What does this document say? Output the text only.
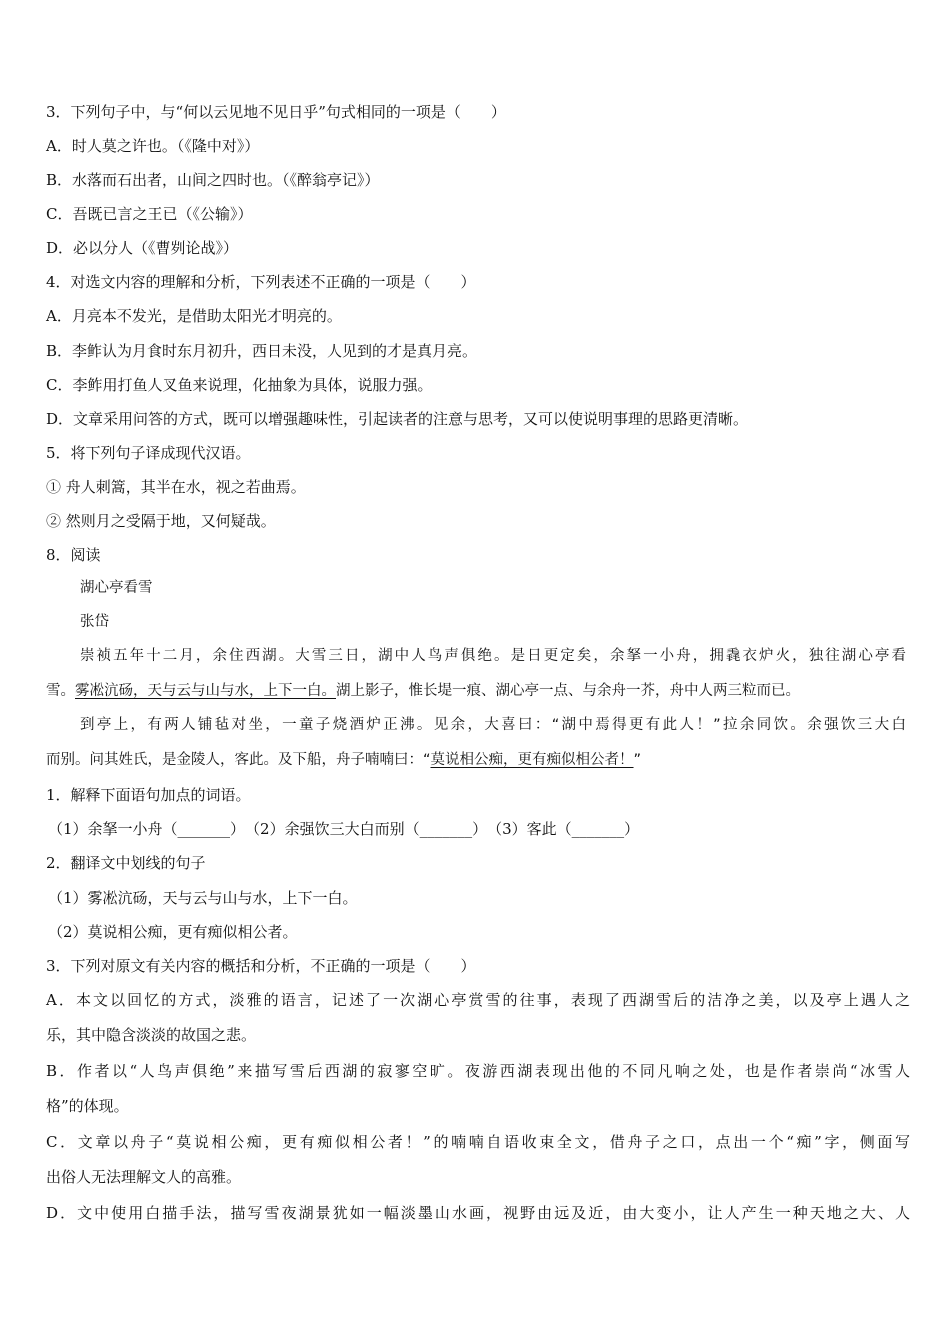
3．下列句子中，与“何以云见地不见日乎”句式相同的一项是（　　）
A．时人莫之许也。（《隆中对》）
B．水落而石出者，山间之四时也。（《醉翁亭记》）
C．吾既已言之王已（《公输》）
D．必以分人（《曹刿论战》）
4．对选文内容的理解和分析，下列表述不正确的一项是（　　）
A．月亮本不发光，是借助太阳光才明亮的。
B．李鲊认为月食时东月初升，西日未没，人见到的才是真月亮。
C．李鲊用打鱼人叉鱼来说理，化抽象为具体，说服力强。
D．文章采用问答的方式，既可以增强趣味性，引起读者的注意与思考，又可以使说明事理的思路更清晰。
5．将下列句子译成现代汉语。
① 舟人刺篙，其半在水，视之若曲焉。
② 然则月之受隔于地，又何疑哉。
8．阅读
湖心亭看雪
张岱
崇祯五年十二月，余住西湖。大雪三日，湖中人鸟声俱绝。是日更定矣，余拏一小舟，拥毳衣炉火，独往湖心亭看
雪。雾凇沆砀，天与云与山与水，上下一白。湖上影子，惟长堤一痕、湖心亭一点、与余舟一芥，舟中人两三粒而已。
到亭上，有两人铺毡对坐，一童子烧酒炉正沸。见余，大喜曰：“湖中焉得更有此人！”拉余同饮。余强饮三大白
而别。问其姓氏，是金陵人，客此。及下船，舟子喃喃曰：“莫说相公痴，更有痴似相公者！”
1．解释下面语句加点的词语。
（1）余拏一小舟（_______）　（2）余强饮三大白而别（_______）　（3）客此（_______）
2．翻译文中划线的句子
（1）雾凇沆砀，天与云与山与水，上下一白。
（2）莫说相公痴，更有痴似相公者。
3．下列对原文有关内容的概括和分析，不正确的一项是（　　）
A．本文以回忆的方式，淡雅的语言，记述了一次湖心亭赏雪的往事，表现了西湖雪后的洁净之美，以及亭上遇人之
乐，其中隐含淡淡的故国之悲。
B．作者以“人鸟声俱绝”来描写雪后西湖的寂寥空旷。夜游西湖表现出他的不同凡响之处，也是作者崇尚“冰雪人
格”的体现。
C．文章以舟子“莫说相公痴，更有痴似相公者！”的喃喃自语收束全文，借舟子之口，点出一个“痴”字，侧面写
出俗人无法理解文人的高雅。
D．文中使用白描手法，描写雪夜湖景犹如一幅淡墨山水画，视野由远及近，由大变小，让人产生一种天地之大、人
